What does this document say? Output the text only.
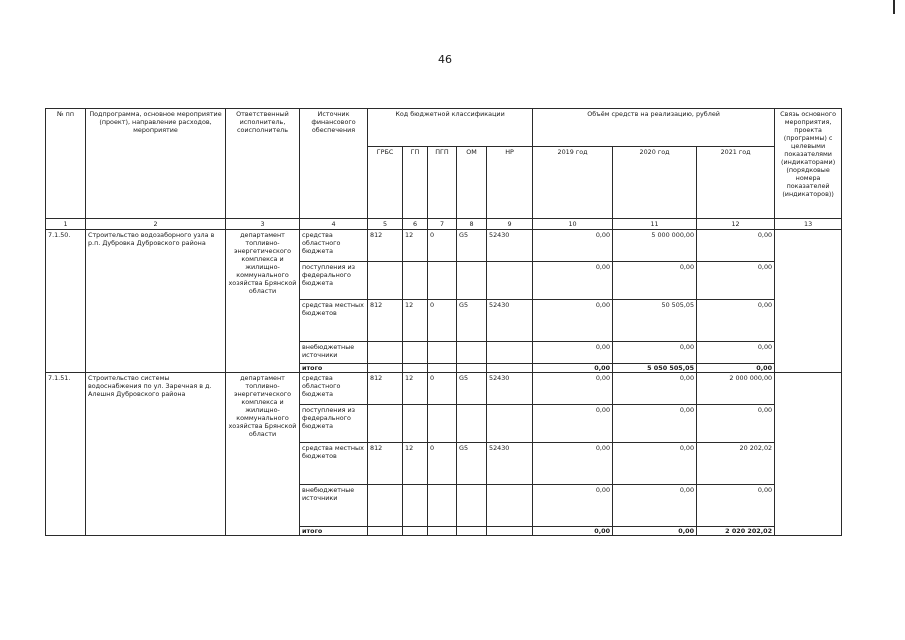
46
№ пп	Подпрограмма, основное мероприятие (проект), направление расходов, мероприятие	Ответственный исполнитель, соисполнитель	Источник финансового обеспечения	Код бюджетной классификации					Объём средств на реализацию, рублей			Связь основного мероприятия, проекта (программы) с целевыми показателями (индикаторами) (порядковые номера показателей (индикаторов))
				ГРБС	ГП	ПГП	ОМ	НР	2019 год	2020 год	2021 год	
1	2	3	4	5	6	7	8	9	10	11	12	13
7.1.50.	Строительство водозаборного узла в р.п. Дубровка Дубровского района	департамент топливно-энергетического комплекса и жилищно-коммунального хозяйства Брянской области	средства областного бюджета	812	12	0	G5	52430	0,00	5 000 000,00	0,00	
			поступления из федерального бюджета						0,00	0,00	0,00	
			средства местных бюджетов	812	12	0	G5	52430	0,00	50 505,05	0,00	
			внебюджетные источники						0,00	0,00	0,00	
			итого						0,00	5 050 505,05	0,00	
7.1.51.	Строительство системы водоснабжения по ул. Заречная в д. Алешня Дубровского района	департамент топливно-энергетического комплекса и жилищно-коммунального хозяйства Брянской области	средства областного бюджета	812	12	0	G5	52430	0,00	0,00	2 000 000,00	
			поступления из федерального бюджета						0,00	0,00	0,00	
			средства местных бюджетов	812	12	0	G5	52430	0,00	0,00	20 202,02	
			внебюджетные источники						0,00	0,00	0,00	
			итого						0,00	0,00	2 020 202,02	
